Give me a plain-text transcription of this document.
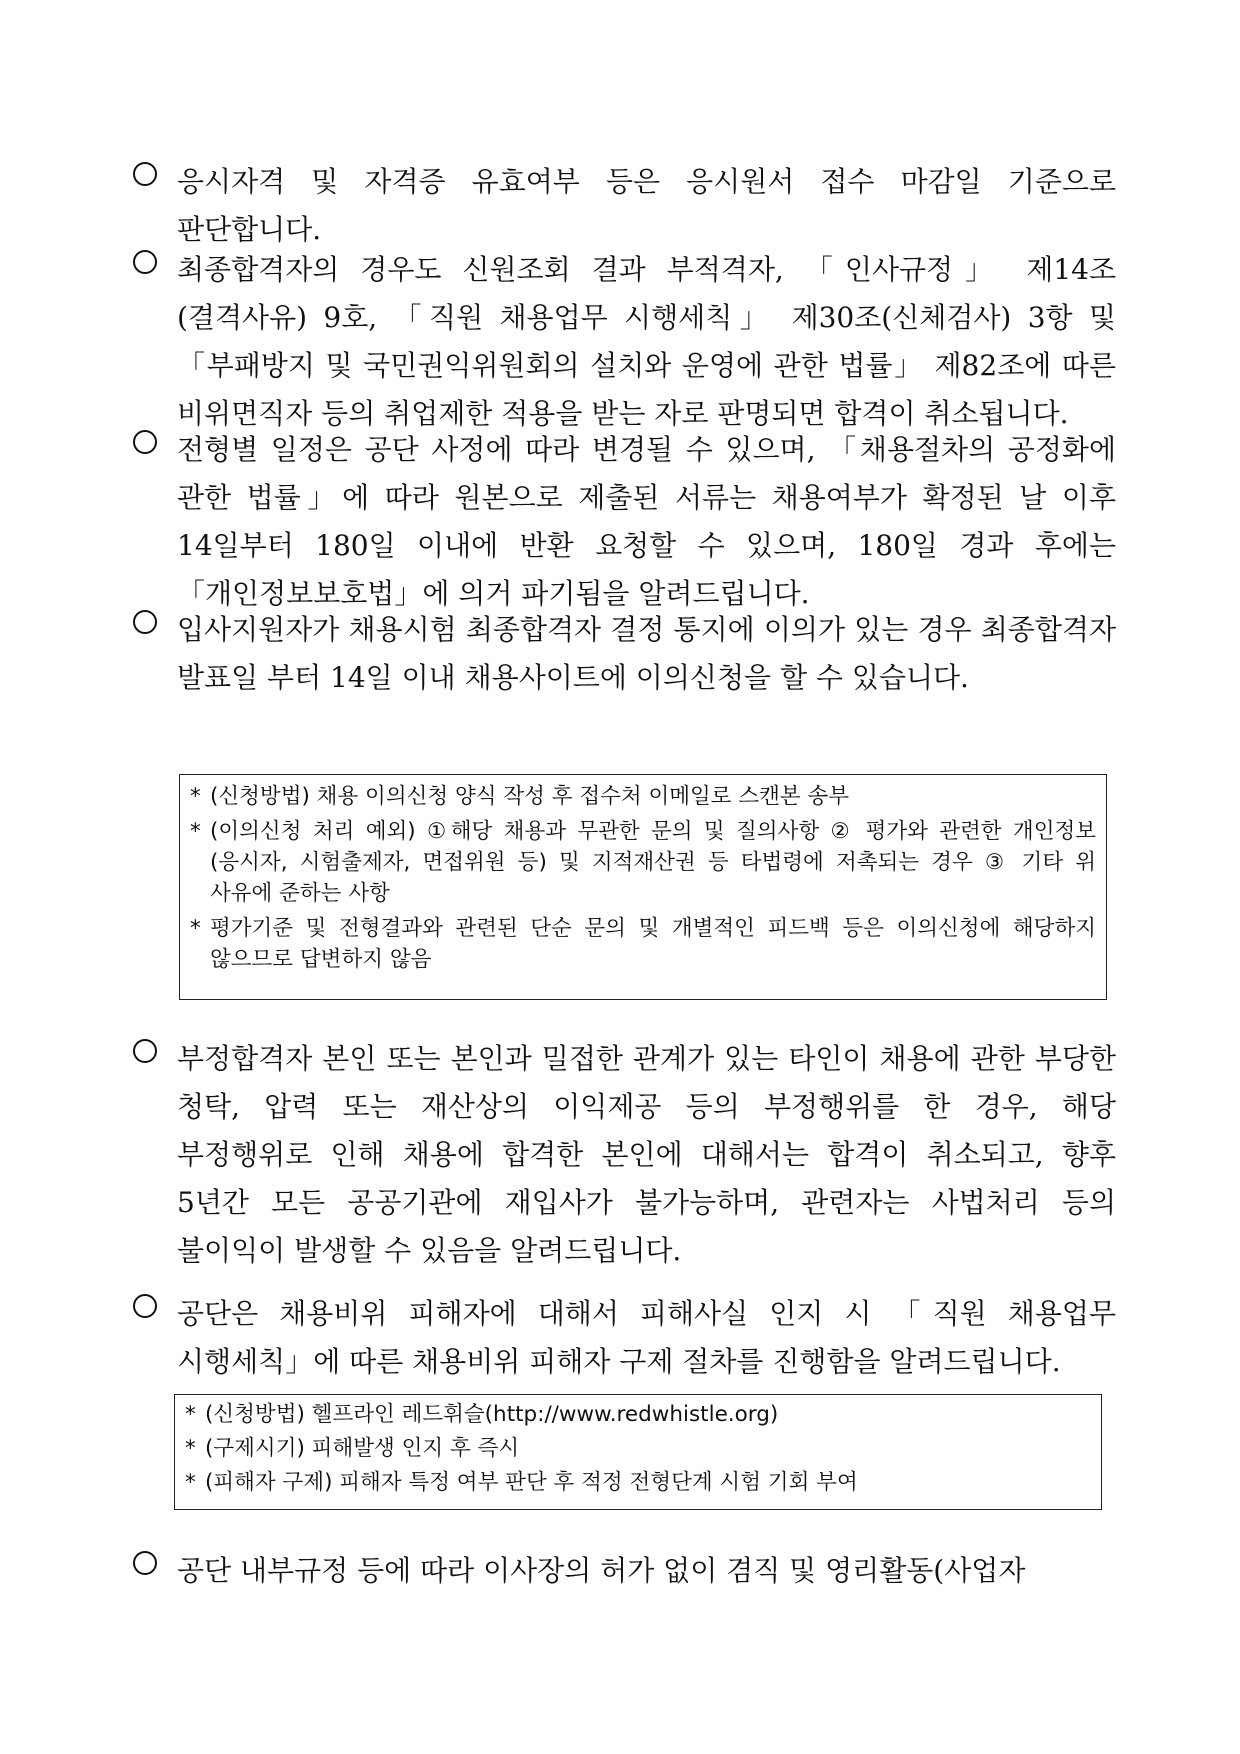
응시자격 및 자격증 유효여부 등은 응시원서 접수 마감일 기준으로 판단합니다.
최종합격자의 경우도 신원조회 결과 부적격자, 「인사규정」 제14조(결격사유) 9호, 「직원 채용업무 시행세칙」 제30조(신체검사) 3항 및 「부패방지 및 국민권익위원회의 설치와 운영에 관한 법률」 제82조에 따른 비위면직자 등의 취업제한 적용을 받는 자로 판명되면 합격이 취소됩니다.
전형별 일정은 공단 사정에 따라 변경될 수 있으며, 「채용절차의 공정화에 관한 법률」에 따라 원본으로 제출된 서류는 채용여부가 확정된 날 이후 14일부터 180일 이내에 반환 요청할 수 있으며, 180일 경과 후에는 「개인정보보호법」에 의거 파기됨을 알려드립니다.
입사지원자가 채용시험 최종합격자 결정 통지에 이의가 있는 경우 최종합격자 발표일 부터 14일 이내 채용사이트에 이의신청을 할 수 있습니다.
* (신청방법) 채용 이의신청 양식 작성 후 접수처 이메일로 스캔본 송부
* (이의신청 처리 예외) ①해당 채용과 무관한 문의 및 질의사항 ② 평가와 관련한 개인정보(응시자, 시험출제자, 면접위원 등) 및 지적재산권 등 타법령에 저촉되는 경우 ③ 기타 위 사유에 준하는 사항
* 평가기준 및 전형결과와 관련된 단순 문의 및 개별적인 피드백 등은 이의신청에 해당하지 않으므로 답변하지 않음
부정합격자 본인 또는 본인과 밀접한 관계가 있는 타인이 채용에 관한 부당한 청탁, 압력 또는 재산상의 이익제공 등의 부정행위를 한 경우, 해당 부정행위로 인해 채용에 합격한 본인에 대해서는 합격이 취소되고, 향후 5년간 모든 공공기관에 재입사가 불가능하며, 관련자는 사법처리 등의 불이익이 발생할 수 있음을 알려드립니다.
공단은 채용비위 피해자에 대해서 피해사실 인지 시 「직원 채용업무 시행세칙」에 따른 채용비위 피해자 구제 절차를 진행함을 알려드립니다.
* (신청방법) 헬프라인 레드휘슬(http://www.redwhistle.org)
* (구제시기) 피해발생 인지 후 즉시
* (피해자 구제) 피해자 특정 여부 판단 후 적정 전형단계 시험 기회 부여
공단 내부규정 등에 따라 이사장의 허가 없이 겸직 및 영리활동(사업자
